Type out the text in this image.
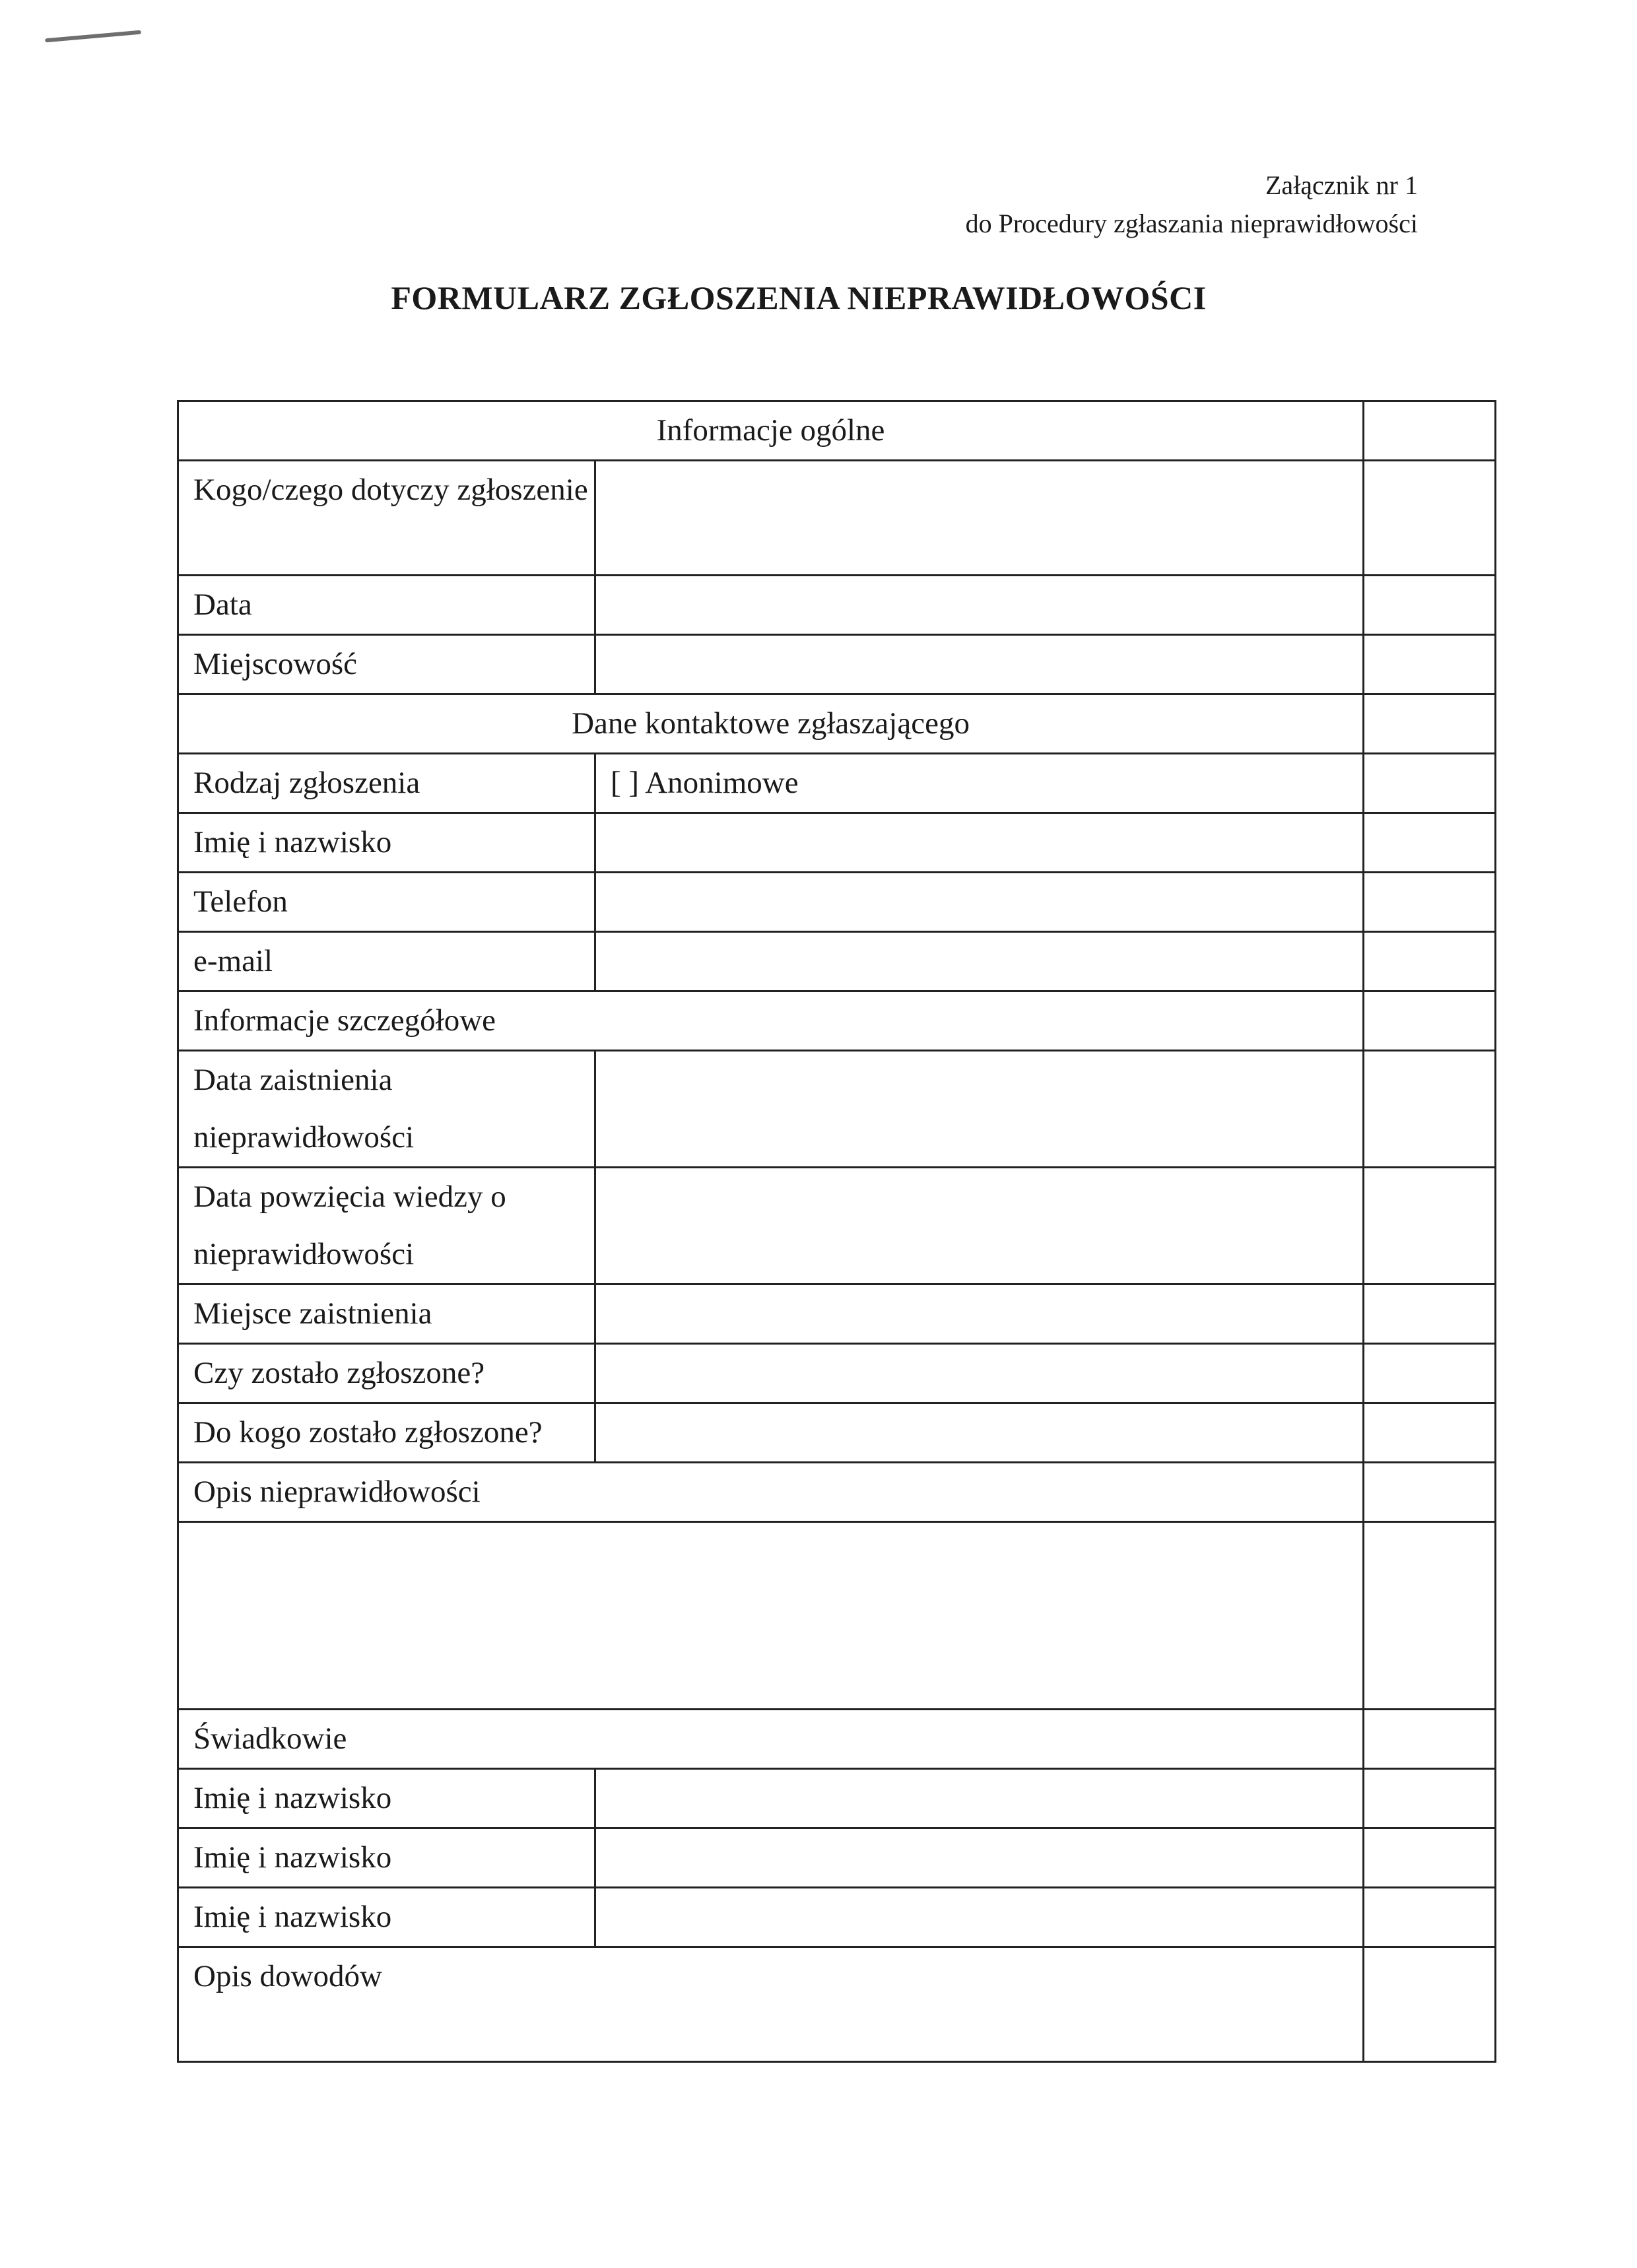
Załącznik nr 1
do Procedury zgłaszania nieprawidłowości
FORMULARZ ZGŁOSZENIA NIEPRAWIDŁOWOŚCI
Informacje ogólne		
Kogo/czego dotyczy zgłoszenie		
Data		
Miejscowość		
Dane kontaktowe zgłaszającego		
Rodzaj zgłoszenia	[ ] Anonimowe	
Imię i nazwisko		
Telefon		
e-mail		
Informacje szczegółowe		
Data zaistnienia nieprawidłowości		
Data powzięcia wiedzy o nieprawidłowości		
Miejsce zaistnienia		
Czy zostało zgłoszone?		
Do kogo zostało zgłoszone?		
Opis nieprawidłowości		

Świadkowie		
Imię i nazwisko		
Imię i nazwisko		
Imię i nazwisko		
Opis dowodów		
